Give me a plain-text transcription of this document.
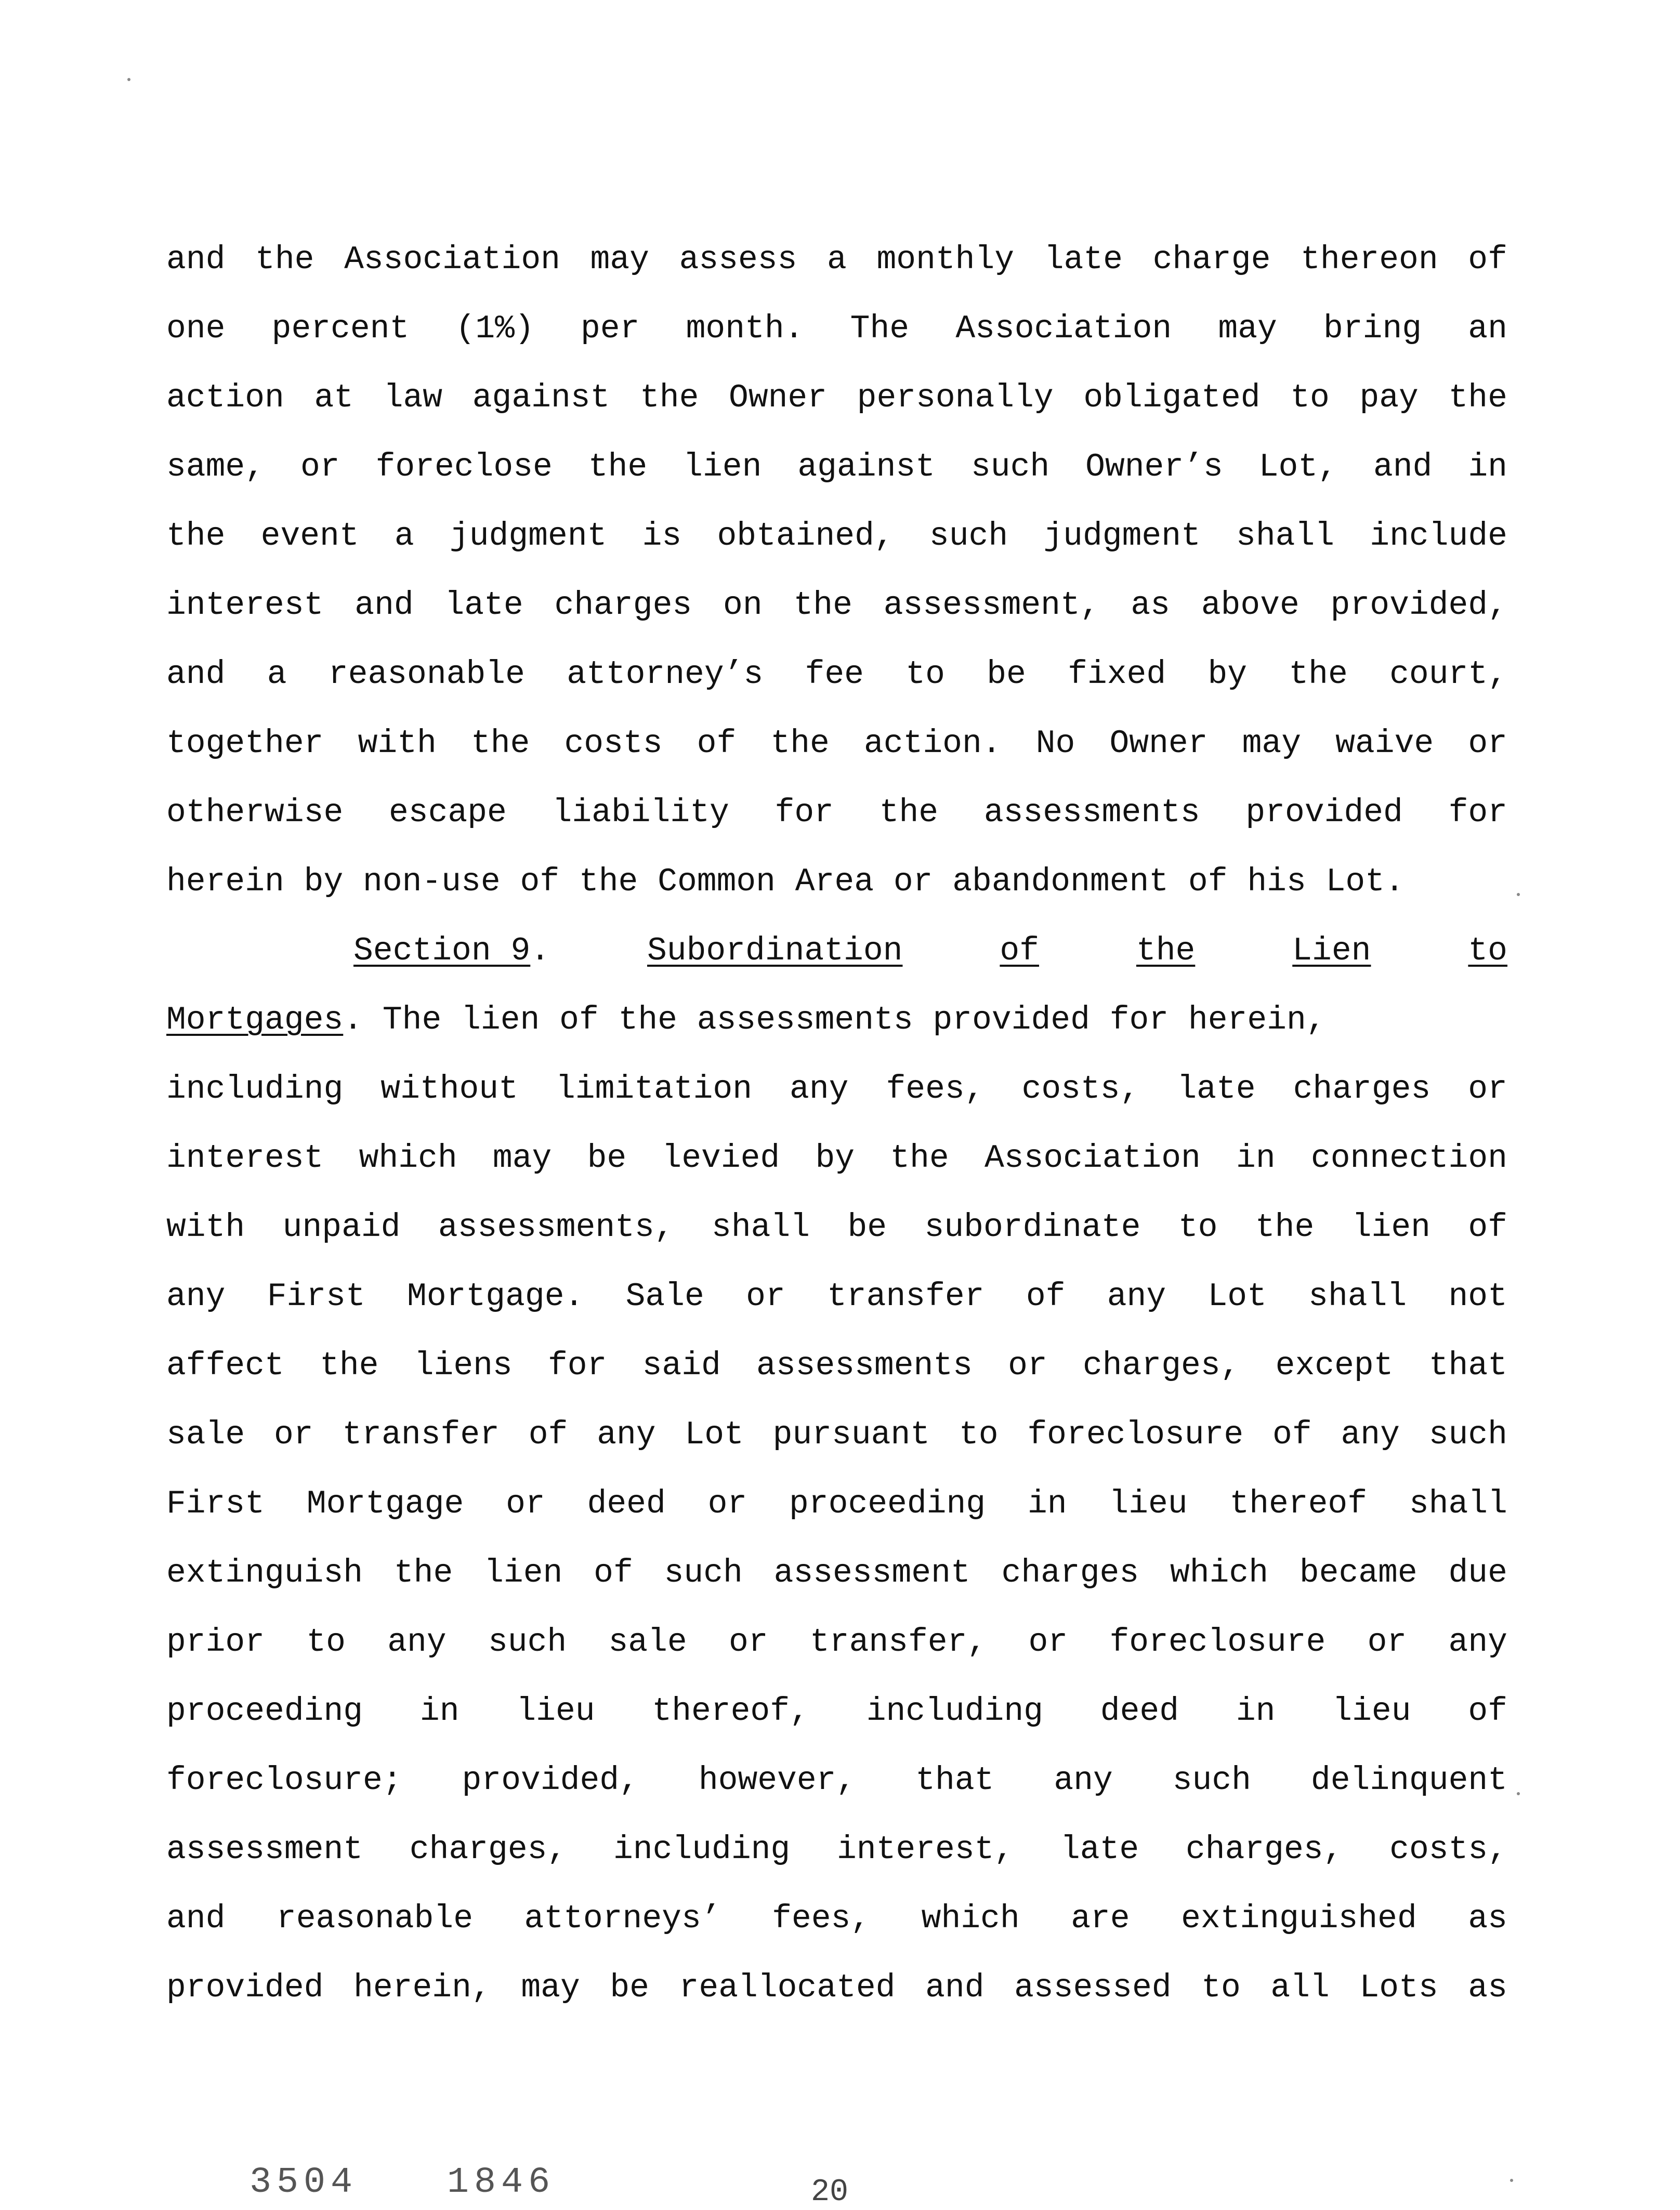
and the Association may assess a monthly late charge thereon of
one percent (1%) per month. The Association may bring an
action at law against the Owner personally obligated to pay the
same, or foreclose the lien against such Owner’s Lot, and in
the event a judgment is obtained, such judgment shall include
interest and late charges on the assessment, as above provided,
and a reasonable attorney’s fee to be fixed by the court,
together with the costs of the action. No Owner may waive or
otherwise escape liability for the assessments provided for
herein by non-use of the Common Area or abandonment of his Lot.
Section 9.	Subordination	of	the	Lien	to
Mortgages. The lien of the assessments provided for herein,
including without limitation any fees, costs, late charges or
interest which may be levied by the Association in connection
with unpaid assessments, shall be subordinate to the lien of
any First Mortgage. Sale or transfer of any Lot shall not
affect the liens for said assessments or charges, except that
sale or transfer of any Lot pursuant to foreclosure of any such
First Mortgage or deed or proceeding in lieu thereof shall
extinguish the lien of such assessment charges which became due
prior to any such sale or transfer, or foreclosure or any
proceeding in lieu thereof, including deed in lieu of
foreclosure; provided, however, that any such delinquent
assessment charges, including interest, late charges, costs,
and reasonable attorneys’ fees, which are extinguished as
provided herein, may be reallocated and assessed to all Lots as
3504 1846	20
